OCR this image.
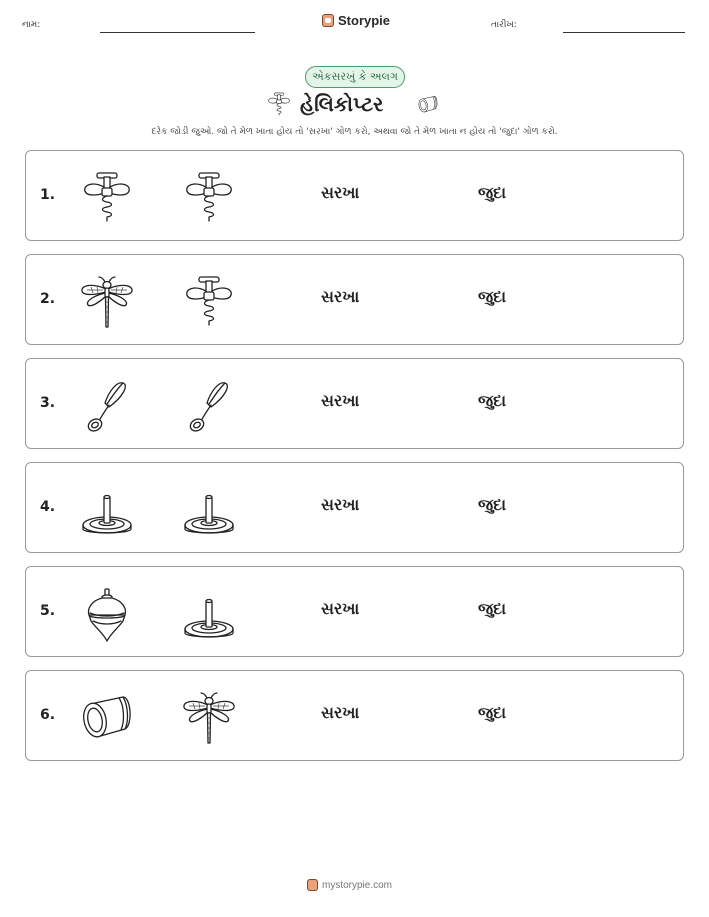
નામ:	Storypie	તારીખ:
એકસરખું કે અલગ
હેલિકોપ્ટર
દરેક જોડી જુઓ. જો તે મેળ ખાતા હોય તો 'સરખા' ગોળ કરો, અથવા જો તે મેળ ખાતા ન હોય તો 'જુદા' ગોળ કરો.
1.	સરખા	જુદા
2.	સરખા	જુદા
3.	સરખા	જુદા
4.	સરખા	જુદા
5.	સરખા	જુદા
6.	સરખા	જુદા
mystorypie.com
